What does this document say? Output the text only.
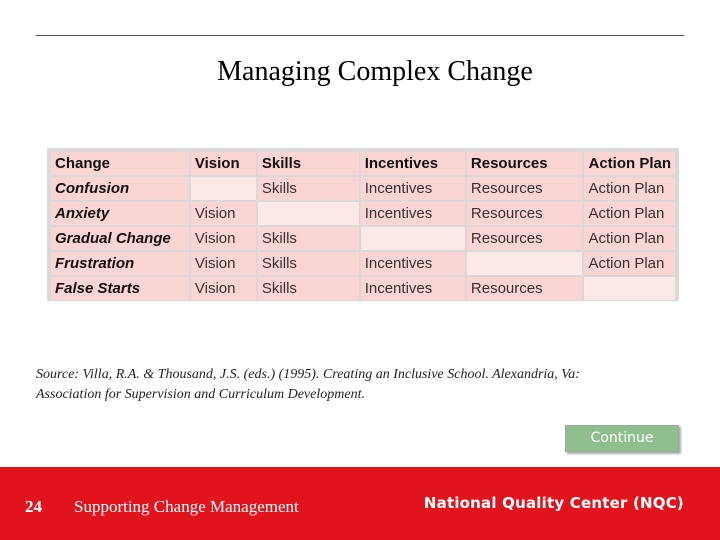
Managing Complex Change
Change	Vision	Skills	Incentives	Resources	Action Plan
Confusion		Skills	Incentives	Resources	Action Plan
Anxiety	Vision		Incentives	Resources	Action Plan
Gradual Change	Vision	Skills		Resources	Action Plan
Frustration	Vision	Skills	Incentives		Action Plan
False Starts	Vision	Skills	Incentives	Resources	
Source: Villa, R.A. & Thousand, J.S. (eds.) (1995). Creating an Inclusive School. Alexandria, Va:
Association for Supervision and Curriculum Development.
Continue
24 Supporting Change Management	National Quality Center (NQC)
